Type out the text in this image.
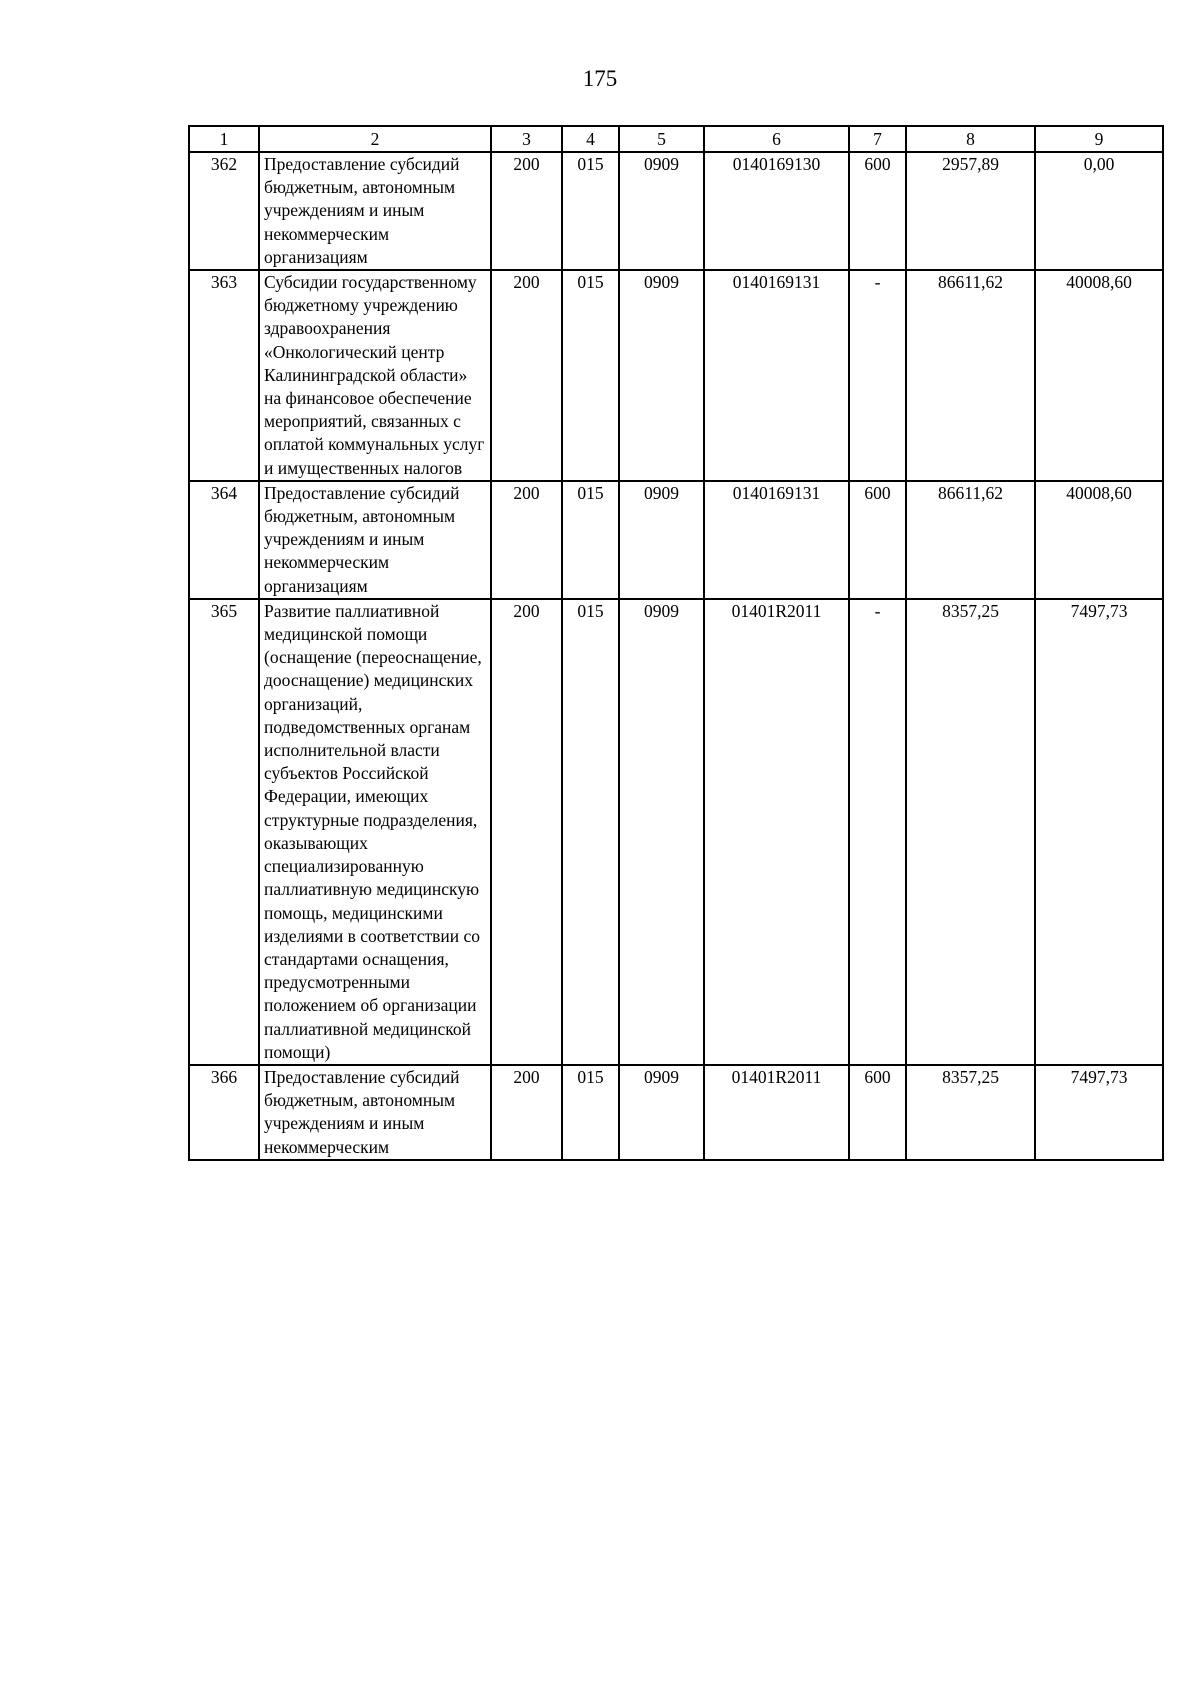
175
1	2	3	4	5	6	7	8	9
362	Предоставление субсидий бюджетным, автономным учреждениям и иным некоммерческим организациям	200	015	0909	0140169130	600	2957,89	0,00
363	Субсидии государственному бюджетному учреждению здравоохранения «Онкологический центр Калининградской области» на финансовое обеспечение мероприятий, связанных с оплатой коммунальных услуг и имущественных налогов	200	015	0909	0140169131	-	86611,62	40008,60
364	Предоставление субсидий бюджетным, автономным учреждениям и иным некоммерческим организациям	200	015	0909	0140169131	600	86611,62	40008,60
365	Развитие паллиативной медицинской помощи (оснащение (переоснащение, дооснащение) медицинских организаций, подведомственных органам исполнительной власти субъектов Российской Федерации, имеющих структурные подразделения, оказывающих специализированную паллиативную медицинскую помощь, медицинскими изделиями в соответствии со стандартами оснащения, предусмотренными положением об организации паллиативной медицинской помощи)	200	015	0909	01401R2011	-	8357,25	7497,73
366	Предоставление субсидий бюджетным, автономным учреждениям и иным некоммерческим	200	015	0909	01401R2011	600	8357,25	7497,73
